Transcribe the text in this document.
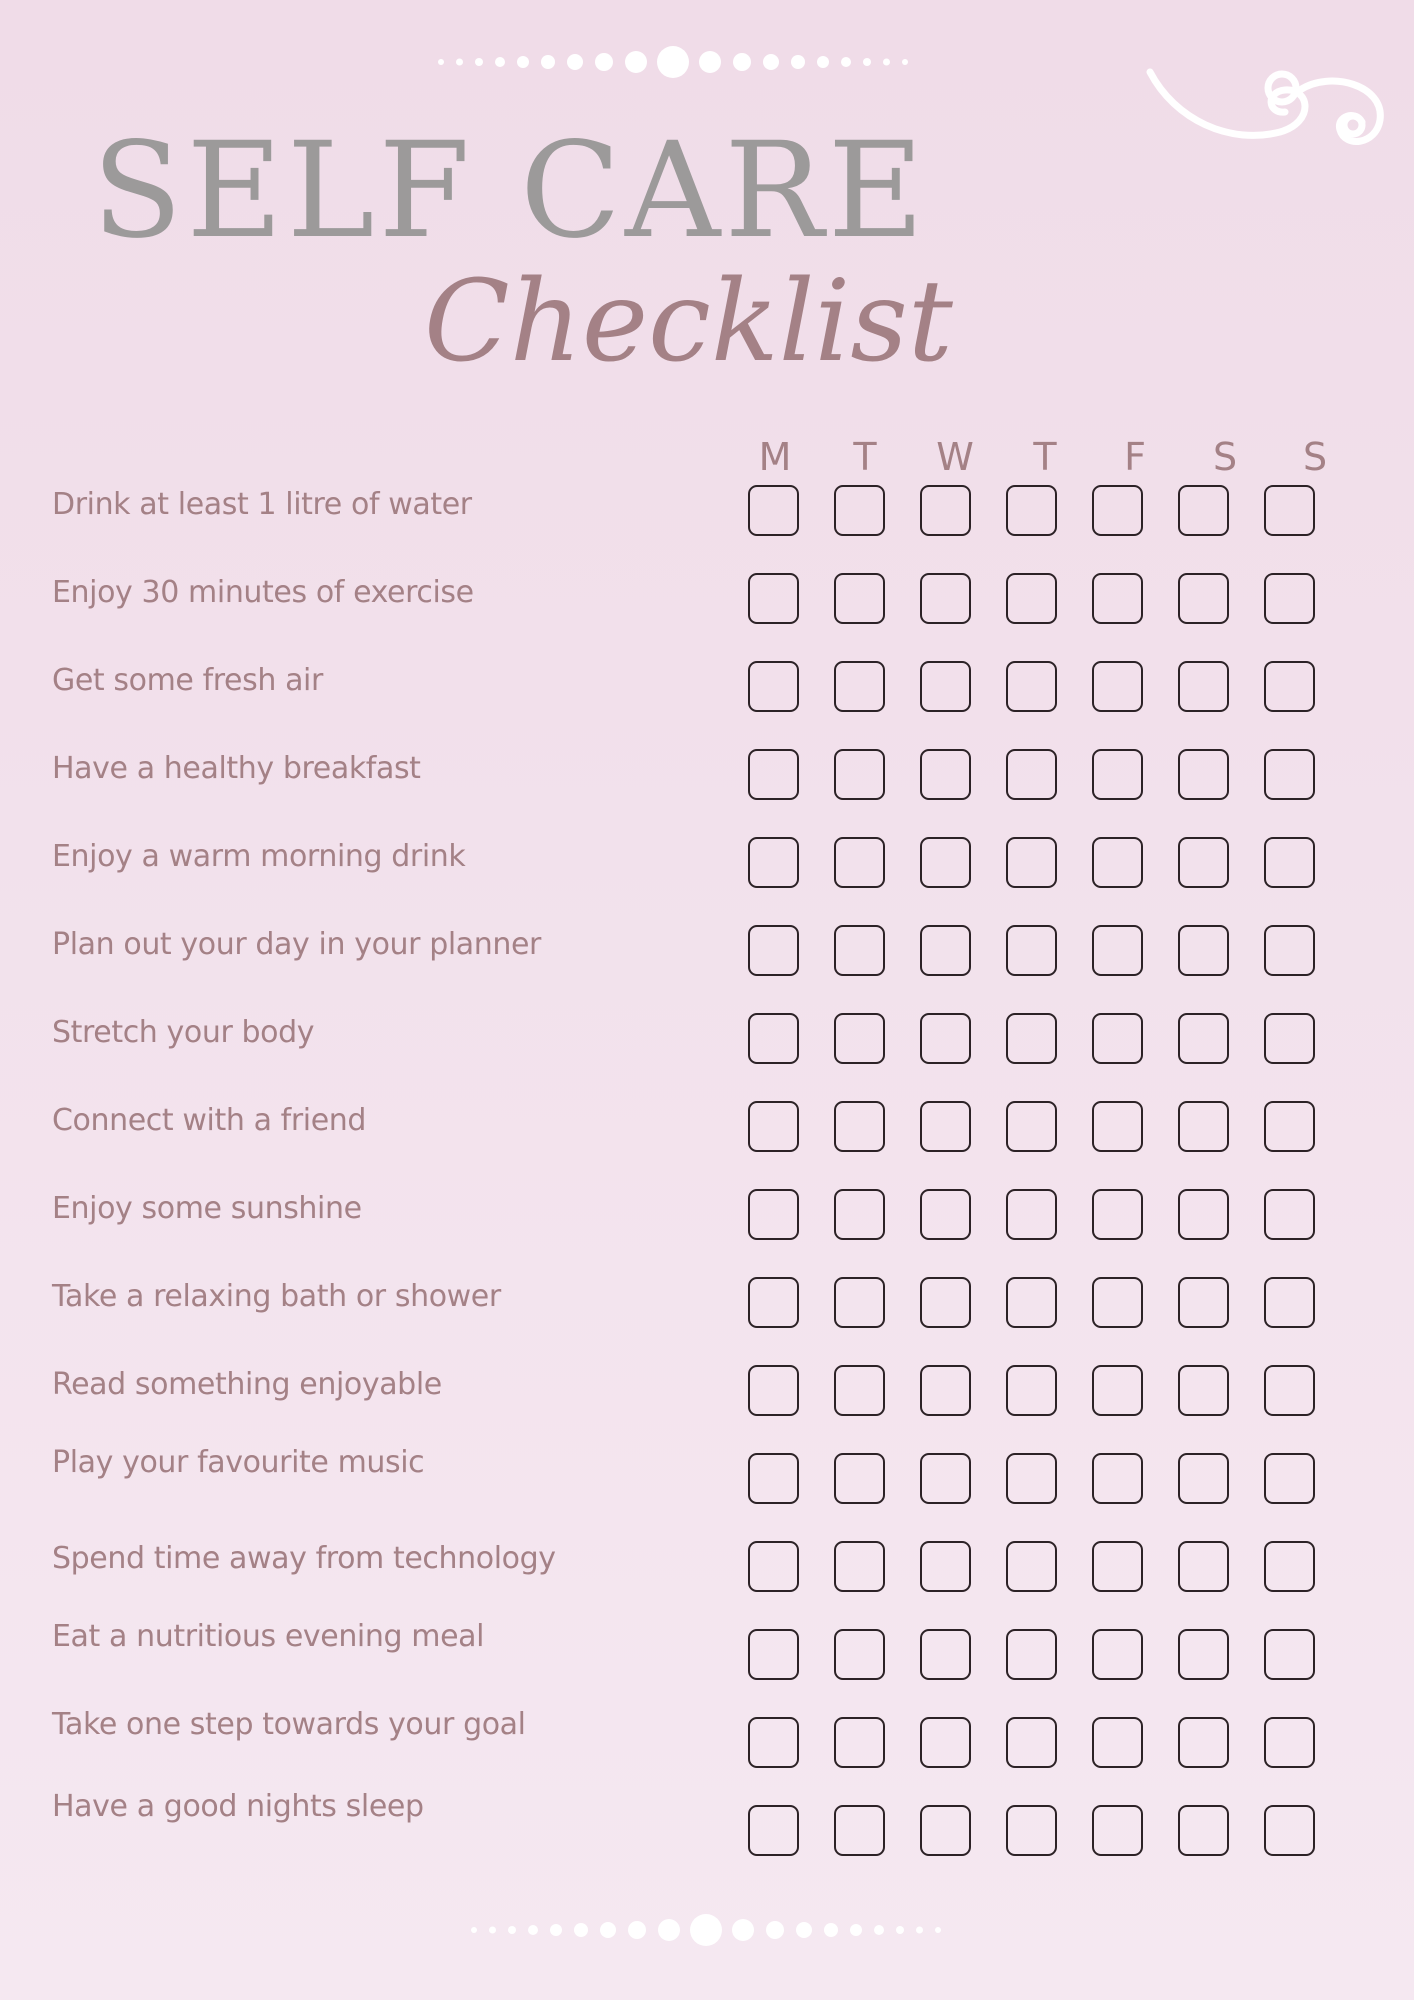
SELF CARE
Checklist
M	T	W	T	F	S	S
Drink at least 1 litre of water
Enjoy 30 minutes of exercise
Get some fresh air
Have a healthy breakfast
Enjoy a warm morning drink
Plan out your day in your planner
Stretch your body
Connect with a friend
Enjoy some sunshine
Take a relaxing bath or shower
Read something enjoyable
Play your favourite music
Spend time away from technology
Eat a nutritious evening meal
Take one step towards your goal
Have a good nights sleep
